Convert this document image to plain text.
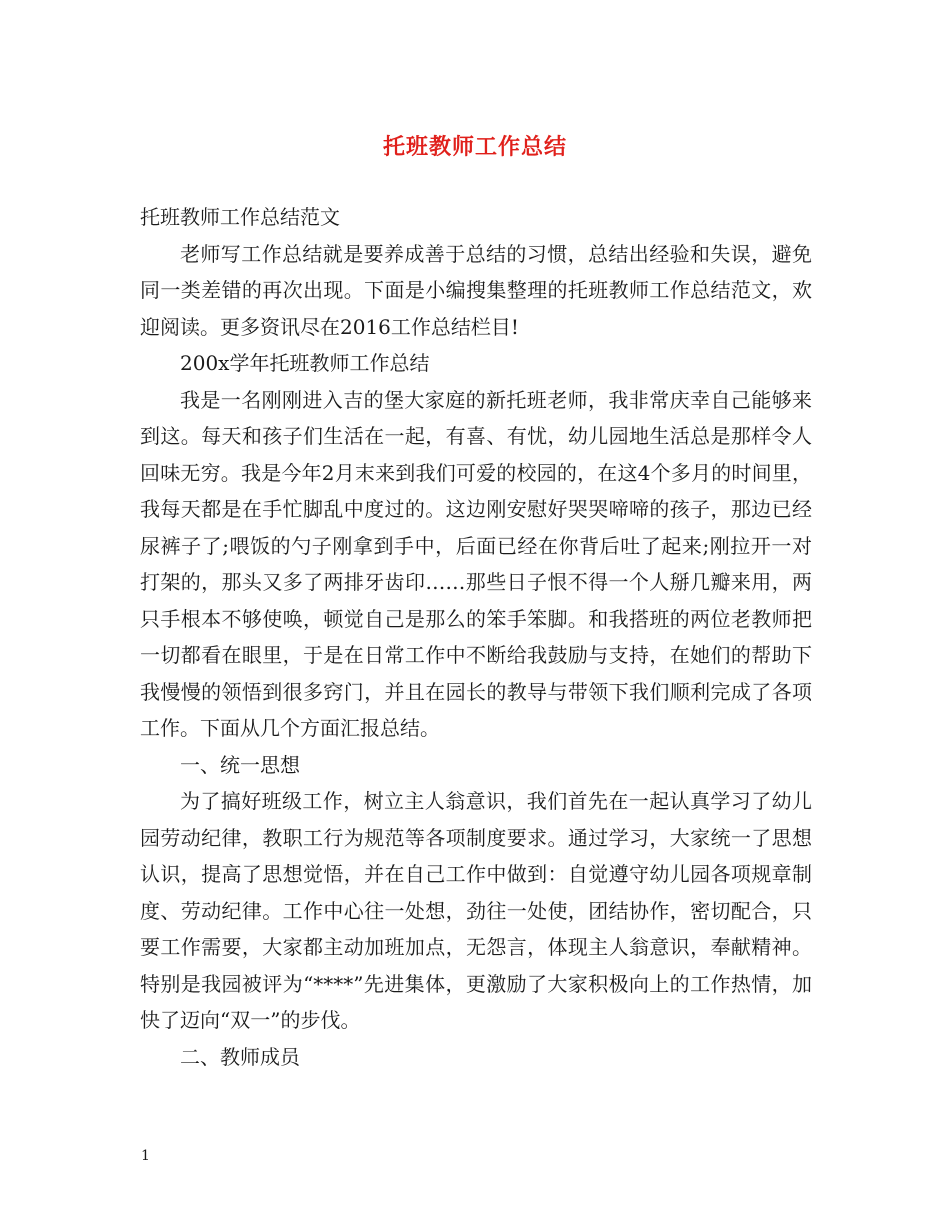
托班教师工作总结

托班教师工作总结范文

老师写工作总结就是要养成善于总结的习惯，总结出经验和失误，避免同一类差错的再次出现。下面是小编搜集整理的托班教师工作总结范文，欢迎阅读。更多资讯尽在2016工作总结栏目!

200x学年托班教师工作总结

我是一名刚刚进入吉的堡大家庭的新托班老师，我非常庆幸自己能够来到这。每天和孩子们生活在一起，有喜、有忧，幼儿园地生活总是那样令人回味无穷。我是今年2月末来到我们可爱的校园的，在这4个多月的时间里，我每天都是在手忙脚乱中度过的。这边刚安慰好哭哭啼啼的孩子，那边已经尿裤子了;喂饭的勺子刚拿到手中，后面已经在你背后吐了起来;刚拉开一对打架的，那头又多了两排牙齿印……那些日子恨不得一个人掰几瓣来用，两只手根本不够使唤，顿觉自己是那么的笨手笨脚。和我搭班的两位老教师把一切都看在眼里，于是在日常工作中不断给我鼓励与支持，在她们的帮助下我慢慢的领悟到很多窍门，并且在园长的教导与带领下我们顺利完成了各项工作。下面从几个方面汇报总结。

一、统一思想

为了搞好班级工作，树立主人翁意识，我们首先在一起认真学习了幼儿园劳动纪律，教职工行为规范等各项制度要求。通过学习，大家统一了思想认识，提高了思想觉悟，并在自己工作中做到：自觉遵守幼儿园各项规章制度、劳动纪律。工作中心往一处想，劲往一处使，团结协作，密切配合，只要工作需要，大家都主动加班加点，无怨言，体现主人翁意识，奉献精神。特别是我园被评为“****”先进集体，更激励了大家积极向上的工作热情，加快了迈向“双一”的步伐。

二、教师成员

1
